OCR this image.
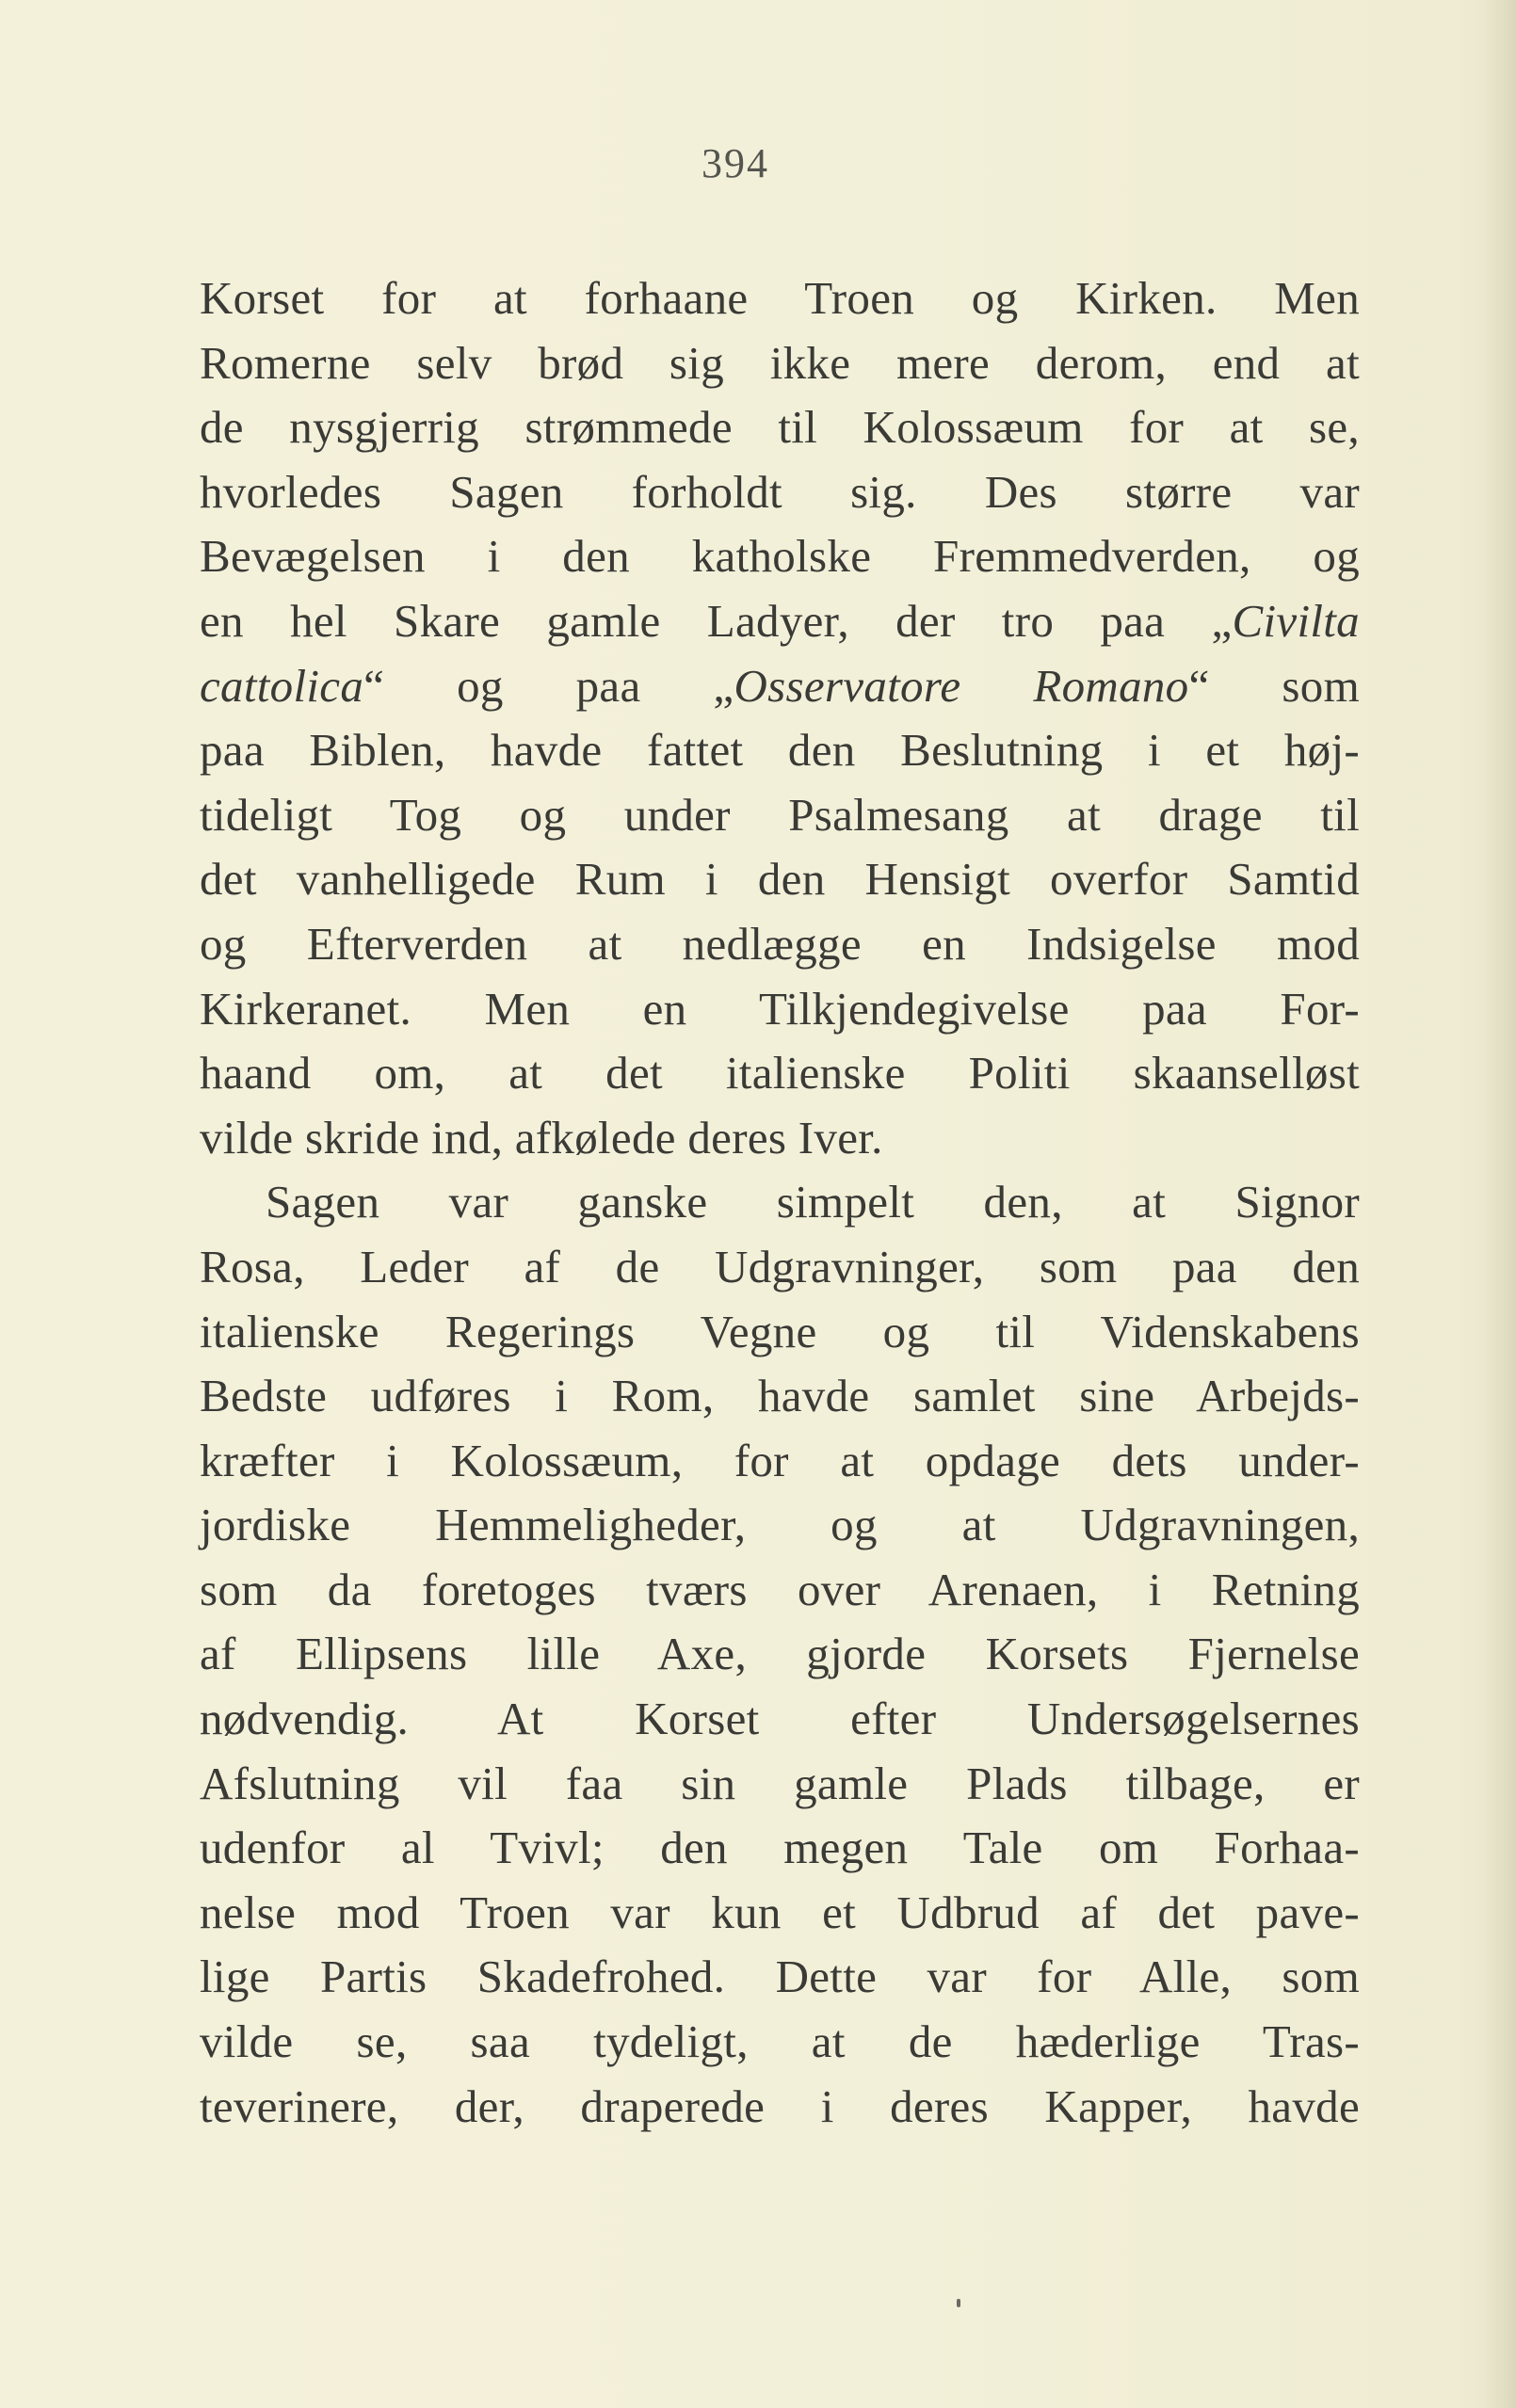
394
Korset for at forhaane Troen og Kirken. Men
Romerne selv brød sig ikke mere derom, end at
de nysgjerrig strømmede til Kolossæum for at se,
hvorledes Sagen forholdt sig. Des større var
Bevægelsen i den katholske Fremmedverden, og
en hel Skare gamle Ladyer, der tro paa „Civilta
cattolica“ og paa „Osservatore Romano“ som
paa Biblen, havde fattet den Beslutning i et høj-
tideligt Tog og under Psalmesang at drage til
det vanhelligede Rum i den Hensigt overfor Samtid
og Efterverden at nedlægge en Indsigelse mod
Kirkeranet. Men en Tilkjendegivelse paa For-
haand om, at det italienske Politi skaanselløst
vilde skride ind, afkølede deres Iver.
Sagen var ganske simpelt den, at Signor
Rosa, Leder af de Udgravninger, som paa den
italienske Regerings Vegne og til Videnskabens
Bedste udføres i Rom, havde samlet sine Arbejds-
kræfter i Kolossæum, for at opdage dets under-
jordiske Hemmeligheder, og at Udgravningen,
som da foretoges tværs over Arenaen, i Retning
af Ellipsens lille Axe, gjorde Korsets Fjernelse
nødvendig. At Korset efter Undersøgelsernes
Afslutning vil faa sin gamle Plads tilbage, er
udenfor al Tvivl; den megen Tale om Forhaa-
nelse mod Troen var kun et Udbrud af det pave-
lige Partis Skadefrohed. Dette var for Alle, som
vilde se, saa tydeligt, at de hæderlige Tras-
teverinere, der, draperede i deres Kapper, havde
